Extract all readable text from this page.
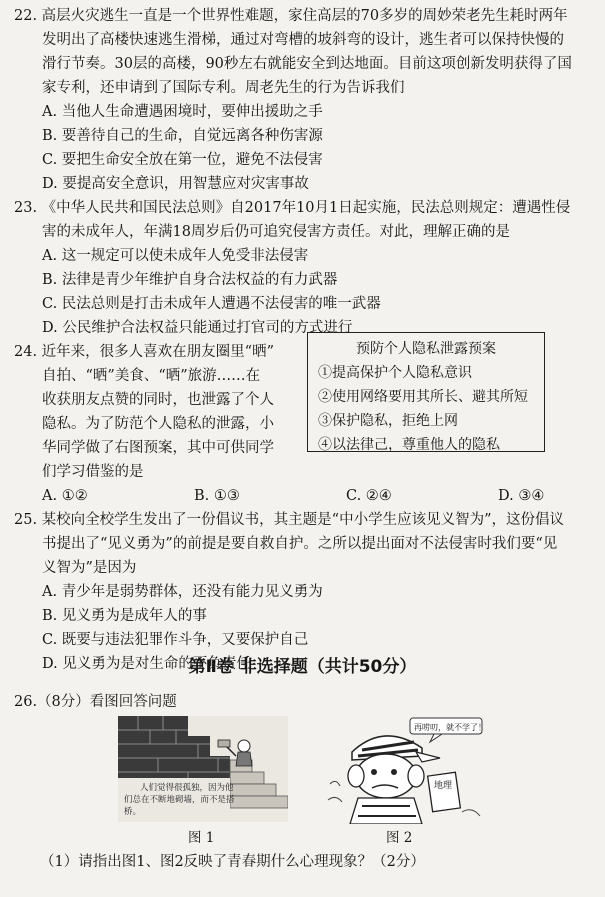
22. 高层火灾逃生一直是一个世界性难题，家住高层的70多岁的周妙荣老先生耗时两年
发明出了高楼快速逃生滑梯，通过对弯槽的坡斜弯的设计，逃生者可以保持快慢的
滑行节奏。30层的高楼，90秒左右就能安全到达地面。目前这项创新发明获得了国
家专利，还申请到了国际专利。周老先生的行为告诉我们
A. 当他人生命遭遇困境时，要伸出援助之手
B. 要善待自己的生命，自觉远离各种伤害源
C. 要把生命安全放在第一位，避免不法侵害
D. 要提高安全意识，用智慧应对灾害事故
23. 《中华人民共和国民法总则》自2017年10月1日起实施，民法总则规定：遭遇性侵
害的未成年人，年满18周岁后仍可追究侵害方责任。对此，理解正确的是
A. 这一规定可以使未成年人免受非法侵害
B. 法律是青少年维护自身合法权益的有力武器
C. 民法总则是打击未成年人遭遇不法侵害的唯一武器
D. 公民维护合法权益只能通过打官司的方式进行
24. 近年来，很多人喜欢在朋友圈里“晒”
自拍、“晒”美食、“晒”旅游……在
收获朋友点赞的同时，也泄露了个人
隐私。为了防范个人隐私的泄露，小
华同学做了右图预案，其中可供同学
们学习借鉴的是
预防个人隐私泄露预案
①提高保护个人隐私意识
②使用网络要用其所长、避其所短
③保护隐私，拒绝上网
④以法律己，尊重他人的隐私
A. ①②	B. ①③	C. ②④	D. ③④
25. 某校向全校学生发出了一份倡议书，其主题是“中小学生应该见义智为”，这份倡议
书提出了“见义勇为”的前提是要自救自护。之所以提出面对不法侵害时我们要“见
义智为”是因为
A. 青少年是弱势群体，还没有能力见义勇为
B. 见义勇为是成年人的事
C. 既要与违法犯罪作斗争，又要保护自己
D. 见义勇为是对生命的不负责任
第Ⅱ卷 非选择题（共计50分）
26.（8分）看图回答问题
人们觉得很孤独，因为他 们总在不断地砌墙，而不是搭 桥。
图 1
再唠叨，就不学了！
地理
图 2
（1）请指出图1、图2反映了青春期什么心理现象？（2分）
